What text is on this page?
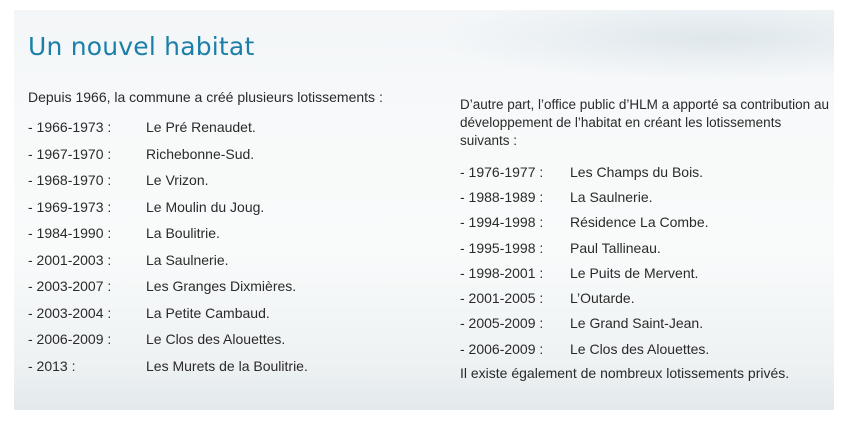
Un nouvel habitat

Depuis 1966, la commune a créé plusieurs lotissements :

- 1966-1973 :	Le Pré Renaudet.
- 1967-1970 :	Richebonne-Sud.
- 1968-1970 :	Le Vrizon.
- 1969-1973 :	Le Moulin du Joug.
- 1984-1990 :	La Boulitrie.
- 2001-2003 :	La Saulnerie.
- 2003-2007 :	Les Granges Dixmières.
- 2003-2004 :	La Petite Cambaud.
- 2006-2009 :	Le Clos des Alouettes.
- 2013 :	Les Murets de la Boulitrie.

D’autre part, l’office public d’HLM a apporté sa contribution au développement de l’habitat en créant les lotissements suivants :

- 1976-1977 :	Les Champs du Bois.
- 1988-1989 :	La Saulnerie.
- 1994-1998 :	Résidence La Combe.
- 1995-1998 :	Paul Tallineau.
- 1998-2001 :	Le Puits de Mervent.
- 2001-2005 :	L’Outarde.
- 2005-2009 :	Le Grand Saint-Jean.
- 2006-2009 :	Le Clos des Alouettes.

Il existe également de nombreux lotissements privés.
